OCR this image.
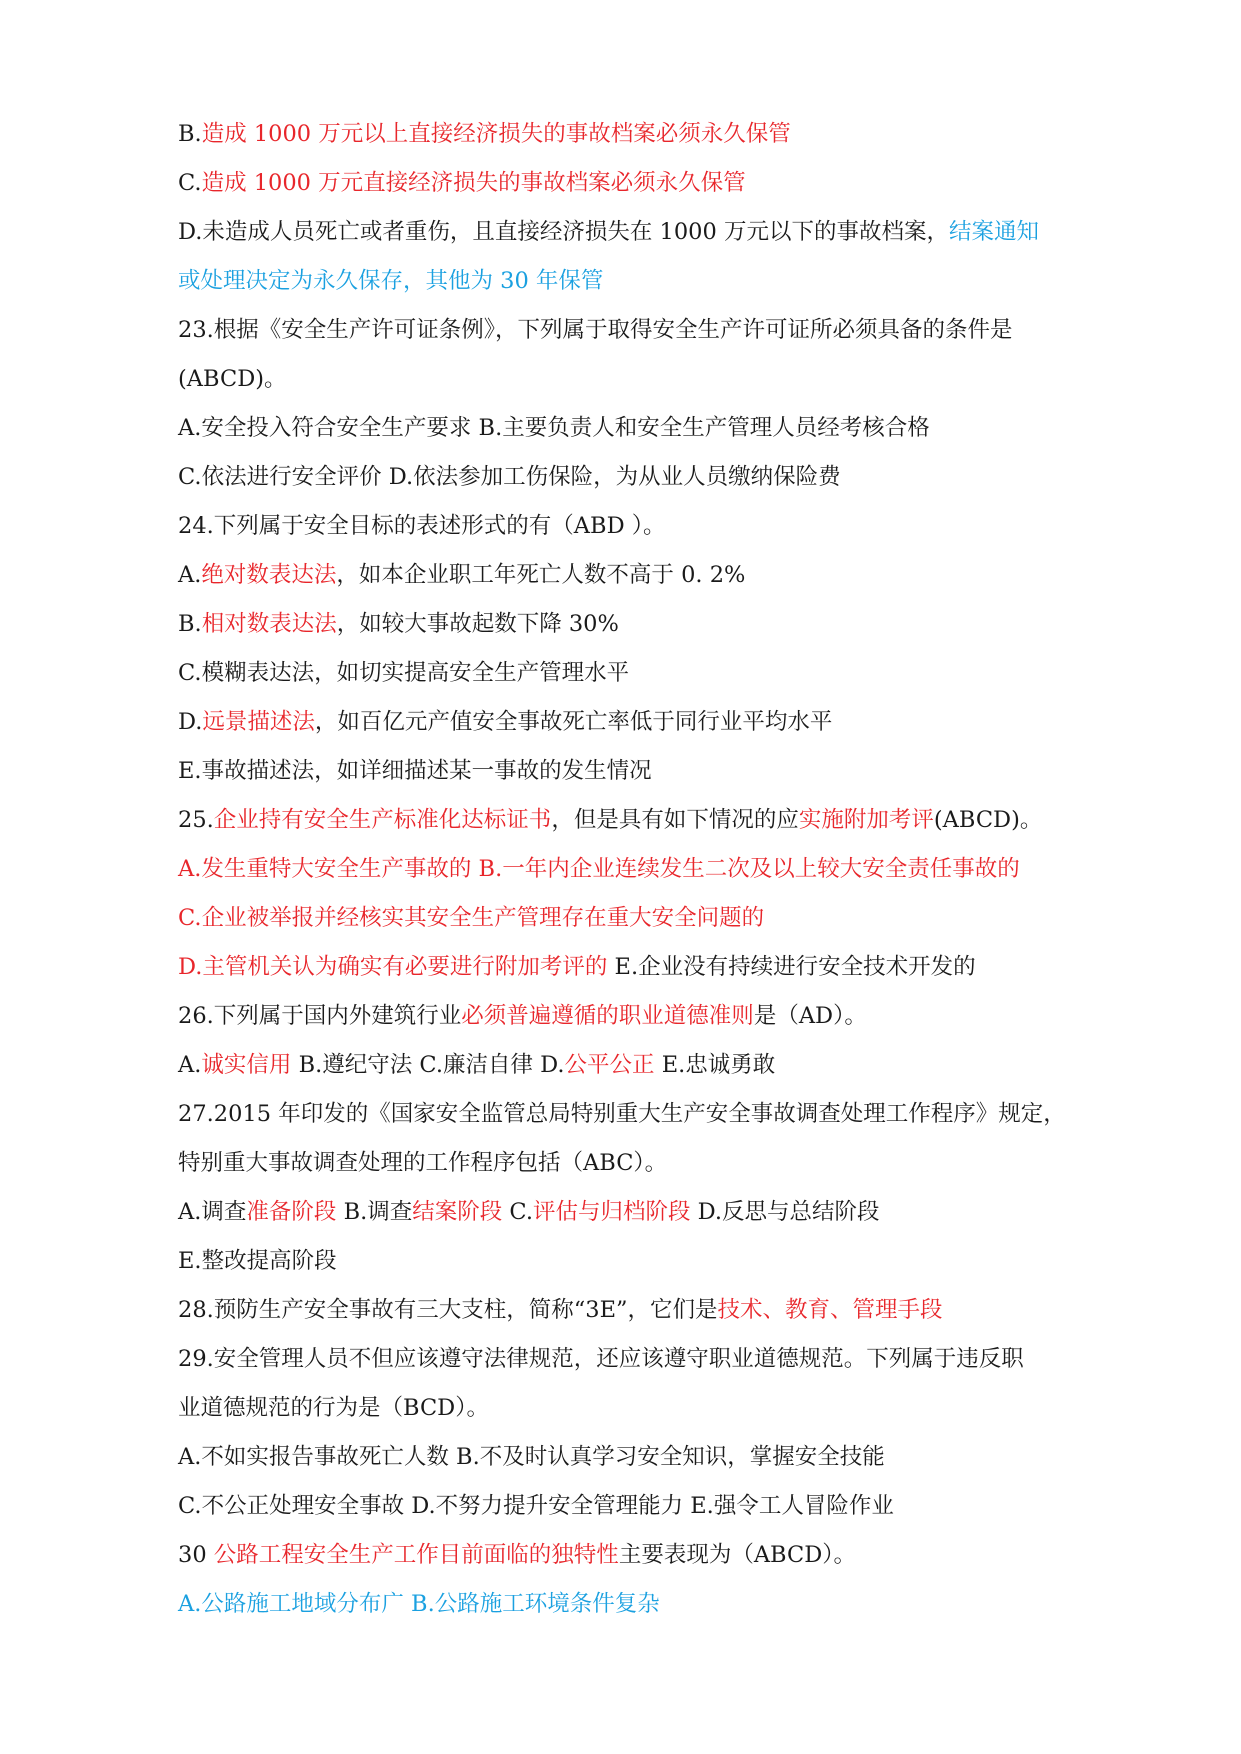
B.造成 1000 万元以上直接经济损失的事故档案必须永久保管
C.造成 1000 万元直接经济损失的事故档案必须永久保管
D.未造成人员死亡或者重伤，且直接经济损失在 1000 万元以下的事故档案，结案通知
或处理决定为永久保存，其他为 30 年保管
23.根据《安全生产许可证条例》，下列属于取得安全生产许可证所必须具备的条件是
(ABCD)。
A.安全投入符合安全生产要求 B.主要负责人和安全生产管理人员经考核合格
C.依法进行安全评价 D.依法参加工伤保险，为从业人员缴纳保险费
24.下列属于安全目标的表述形式的有（ABD ）。
A.绝对数表达法，如本企业职工年死亡人数不高于 0. 2%
B.相对数表达法，如较大事故起数下降 30%
C.模糊表达法，如切实提高安全生产管理水平
D.远景描述法，如百亿元产值安全事故死亡率低于同行业平均水平
E.事故描述法，如详细描述某一事故的发生情况
25.企业持有安全生产标准化达标证书，但是具有如下情况的应实施附加考评(ABCD)。
A.发生重特大安全生产事故的 B.一年内企业连续发生二次及以上较大安全责任事故的
C.企业被举报并经核实其安全生产管理存在重大安全问题的
D.主管机关认为确实有必要进行附加考评的 E.企业没有持续进行安全技术开发的
26.下列属于国内外建筑行业必须普遍遵循的职业道德准则是（AD）。
A.诚实信用 B.遵纪守法 C.廉洁自律 D.公平公正 E.忠诚勇敢
27.2015 年印发的《国家安全监管总局特别重大生产安全事故调查处理工作程序》规定，
特别重大事故调查处理的工作程序包括（ABC）。
A.调查准备阶段 B.调查结案阶段 C.评估与归档阶段 D.反思与总结阶段
E.整改提高阶段
28.预防生产安全事故有三大支柱，简称“3E”，它们是技术、教育、管理手段
29.安全管理人员不但应该遵守法律规范，还应该遵守职业道德规范。下列属于违反职
业道德规范的行为是（BCD）。
A.不如实报告事故死亡人数 B.不及时认真学习安全知识，掌握安全技能
C.不公正处理安全事故 D.不努力提升安全管理能力 E.强令工人冒险作业
30 公路工程安全生产工作目前面临的独特性主要表现为（ABCD）。
A.公路施工地域分布广 B.公路施工环境条件复杂
